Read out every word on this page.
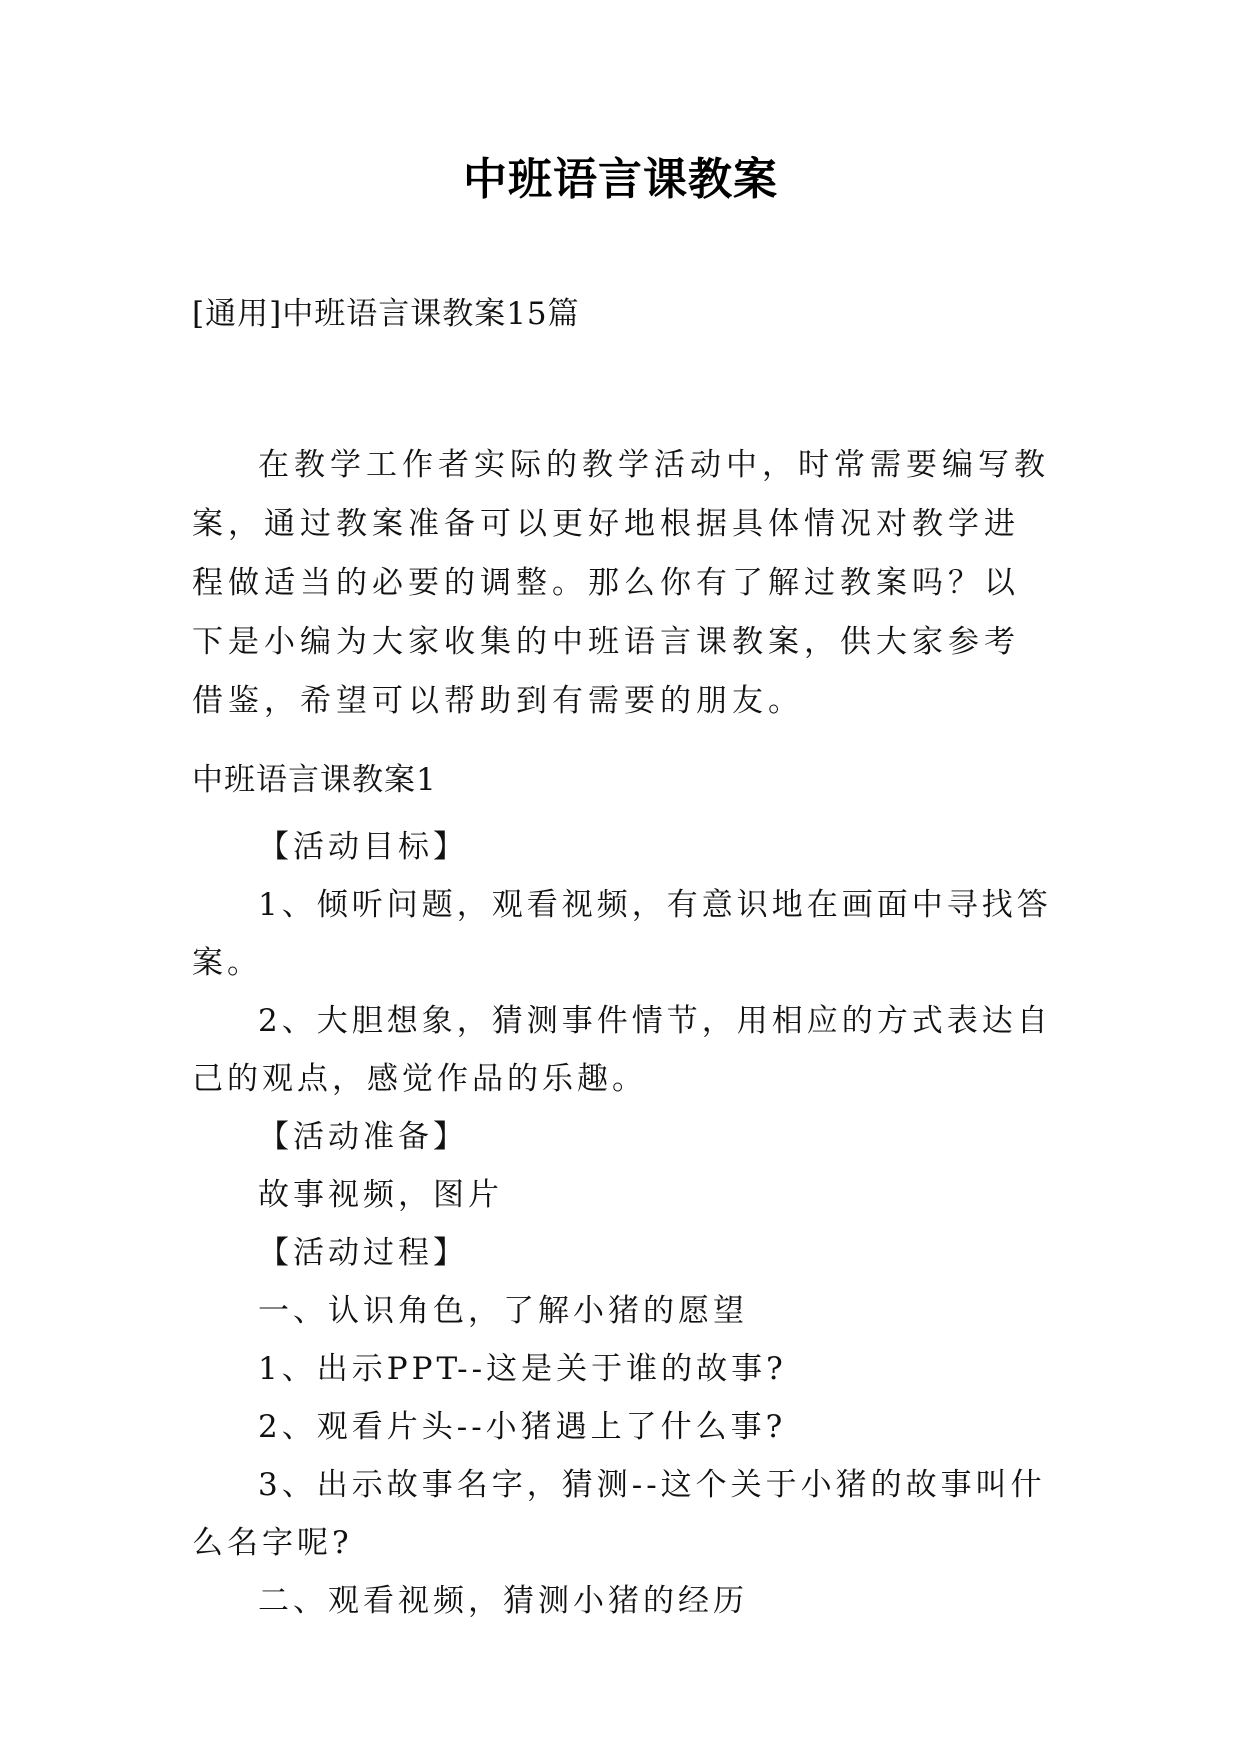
中班语言课教案
[通用]中班语言课教案15篇

在教学工作者实际的教学活动中，时常需要编写教案，通过教案准备可以更好地根据具体情况对教学进程做适当的必要的调整。那么你有了解过教案吗？以下是小编为大家收集的中班语言课教案，供大家参考借鉴，希望可以帮助到有需要的朋友。

中班语言课教案1

【活动目标】

1、倾听问题，观看视频，有意识地在画面中寻找答案。

2、大胆想象，猜测事件情节，用相应的方式表达自己的观点，感觉作品的乐趣。

【活动准备】

故事视频，图片

【活动过程】

一、认识角色，了解小猪的愿望

1、出示PPT--这是关于谁的故事?

2、观看片头--小猪遇上了什么事?

3、出示故事名字，猜测--这个关于小猪的故事叫什么名字呢?

二、观看视频，猜测小猪的经历
